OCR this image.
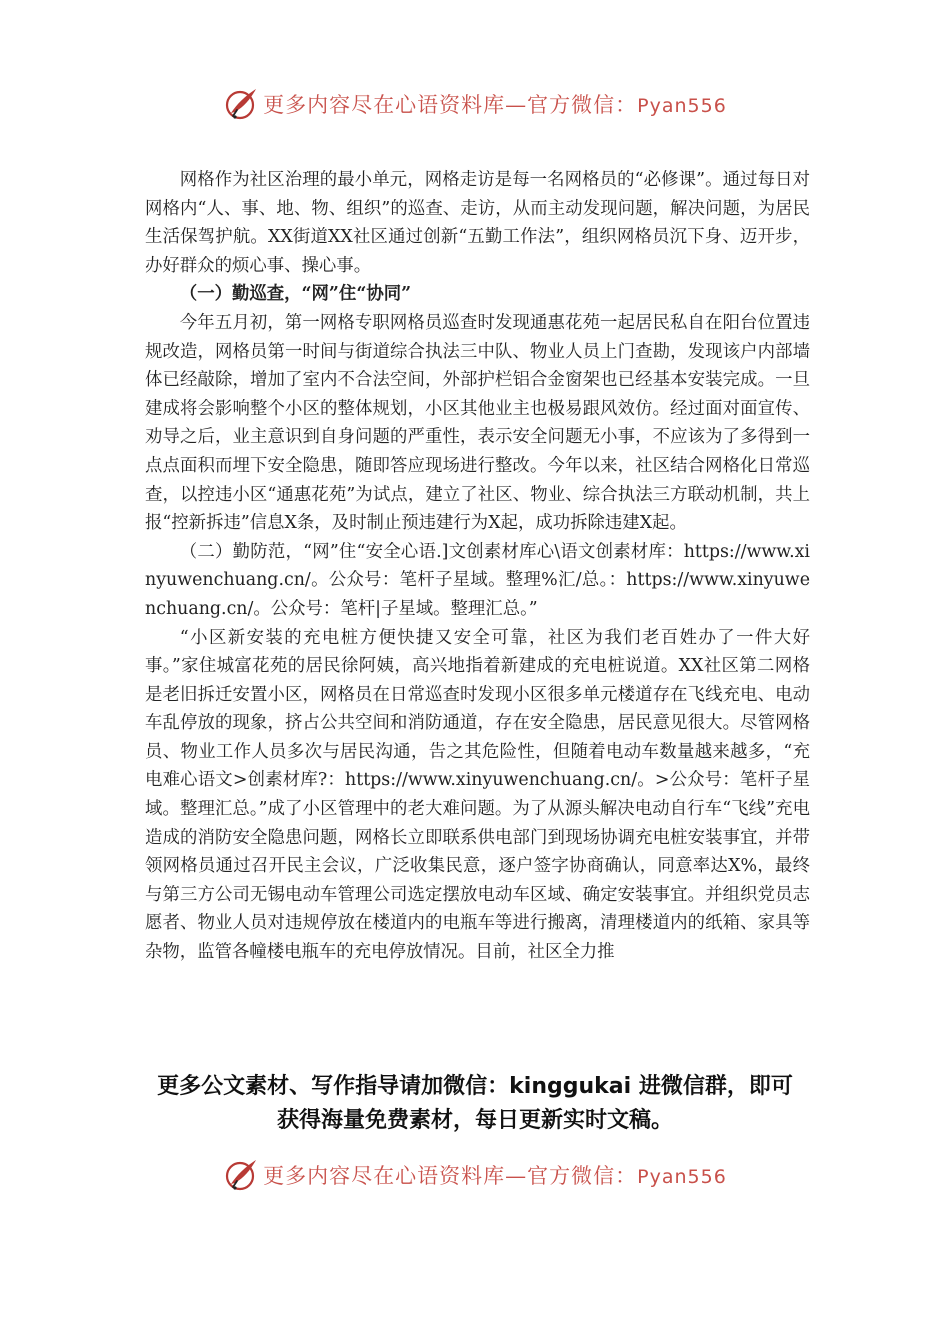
更多内容尽在心语资料库—官方微信：Pyan556

网格作为社区治理的最小单元，网格走访是每一名网格员的“必修课”。通过每日对网格内“人、事、地、物、组织”的巡查、走访，从而主动发现问题，解决问题，为居民生活保驾护航。XX街道XX社区通过创新“五勤工作法”，组织网格员沉下身、迈开步，办好群众的烦心事、操心事。

（一）勤巡查，“网”住“协同”

今年五月初，第一网格专职网格员巡查时发现通惠花苑一起居民私自在阳台位置违规改造，网格员第一时间与街道综合执法三中队、物业人员上门查勘，发现该户内部墙体已经敲除，增加了室内不合法空间，外部护栏铝合金窗架也已经基本安装完成。一旦建成将会影响整个小区的整体规划，小区其他业主也极易跟风效仿。经过面对面宣传、劝导之后，业主意识到自身问题的严重性，表示安全问题无小事，不应该为了多得到一点点面积而埋下安全隐患，随即答应现场进行整改。今年以来，社区结合网格化日常巡查，以控违小区“通惠花苑”为试点，建立了社区、物业、综合执法三方联动机制，共上报“控新拆违”信息X条，及时制止预违建行为X起，成功拆除违建X起。

（二）勤防范，“网”住“安全心语.]文创素材库心\语文创素材库：https://www.xinyuwenchuang.cn/。公众号：笔杆子星域。整理%汇/总。：https://www.xinyuwenchuang.cn/。公众号：笔杆|子星域。整理汇总。”

“小区新安装的充电桩方便快捷又安全可靠，社区为我们老百姓办了一件大好事。”家住城富花苑的居民徐阿姨，高兴地指着新建成的充电桩说道。XX社区第二网格是老旧拆迁安置小区，网格员在日常巡查时发现小区很多单元楼道存在飞线充电、电动车乱停放的现象，挤占公共空间和消防通道，存在安全隐患，居民意见很大。尽管网格员、物业工作人员多次与居民沟通，告之其危险性，但随着电动车数量越来越多，“充电难心语文>创素材库?：https://www.xinyuwenchuang.cn/。>公众号：笔杆子星域。整理汇总。”成了小区管理中的老大难问题。为了从源头解决电动自行车“飞线”充电造成的消防安全隐患问题，网格长立即联系供电部门到现场协调充电桩安装事宜，并带领网格员通过召开民主会议，广泛收集民意，逐户签字协商确认，同意率达X%，最终与第三方公司无锡电动车管理公司选定摆放电动车区域、确定安装事宜。并组织党员志愿者、物业人员对违规停放在楼道内的电瓶车等进行搬离，清理楼道内的纸箱、家具等杂物，监管各幢楼电瓶车的充电停放情况。目前，社区全力推

更多公文素材、写作指导请加微信：kinggukai 进微信群，即可
获得海量免费素材，每日更新实时文稿。
更多内容尽在心语资料库—官方微信：Pyan556
